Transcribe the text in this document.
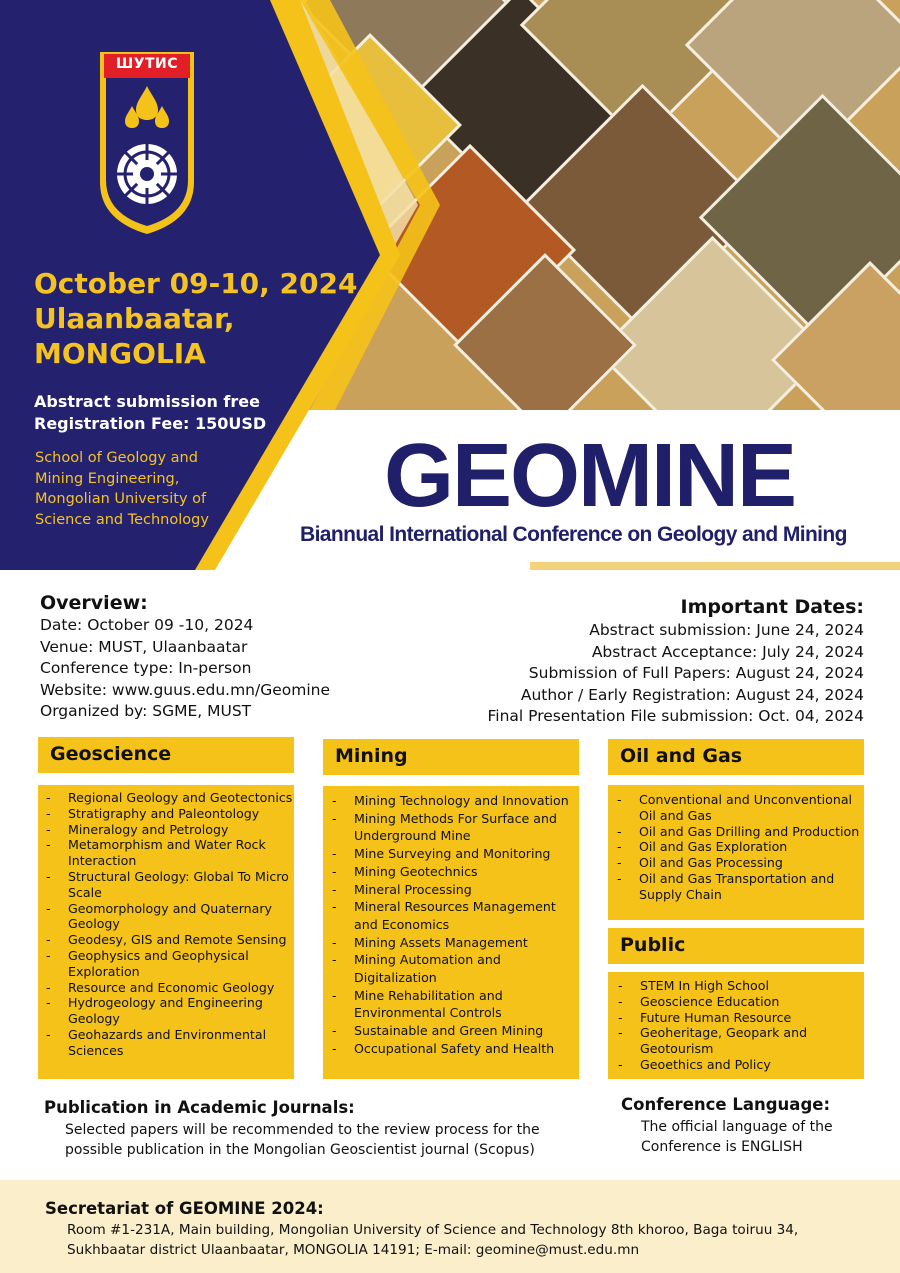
ШУТИС
October 09-10, 2024
Ulaanbaatar,
MONGOLIA
Abstract submission free
Registration Fee: 150USD
School of Geology and Mining Engineering, Mongolian University of Science and Technology GEOMINE
Biannual International Conference on Geology and Mining
Overview:
Date: October 09 -10, 2024
Venue: MUST, Ulaanbaatar
Conference type: In-person
Website: www.guus.edu.mn/Geomine
Organized by: SGME, MUST
Important Dates:
Abstract submission: June 24, 2024
Abstract Acceptance: July 24, 2024
Submission of Full Papers: August 24, 2024
Author / Early Registration: August 24, 2024
Final Presentation File submission: Oct. 04, 2024
Geoscience
- Regional Geology and Geotectonics
- Stratigraphy and Paleontology
- Mineralogy and Petrology
- Metamorphism and Water Rock Interaction
- Structural Geology: Global To Micro Scale
- Geomorphology and Quaternary Geology
- Geodesy, GIS and Remote Sensing
- Geophysics and Geophysical Exploration
- Resource and Economic Geology
- Hydrogeology and Engineering Geology
- Geohazards and Environmental Sciences
Mining
- Mining Technology and Innovation
- Mining Methods For Surface and Underground Mine
- Mine Surveying and Monitoring
- Mining Geotechnics
- Mineral Processing
- Mineral Resources Management and Economics
- Mining Assets Management
- Mining Automation and Digitalization
- Mine Rehabilitation and Environmental Controls
- Sustainable and Green Mining
- Occupational Safety and Health
Oil and Gas
- Conventional and Unconventional Oil and Gas
- Oil and Gas Drilling and Production
- Oil and Gas Exploration
- Oil and Gas Processing
- Oil and Gas Transportation and Supply Chain
Public
- STEM In High School
- Geoscience Education
- Future Human Resource
- Geoheritage, Geopark and Geotourism
- Geoethics and Policy
Publication in Academic Journals:
Selected papers will be recommended to the review process for the possible publication in the Mongolian Geoscientist journal (Scopus)
Conference Language:
The official language of the Conference is ENGLISH
Secretariat of GEOMINE 2024:
Room #1-231A, Main building, Mongolian University of Science and Technology 8th khoroo, Baga toiruu 34, Sukhbaatar district Ulaanbaatar, MONGOLIA 14191; E-mail: geomine@must.edu.mn
